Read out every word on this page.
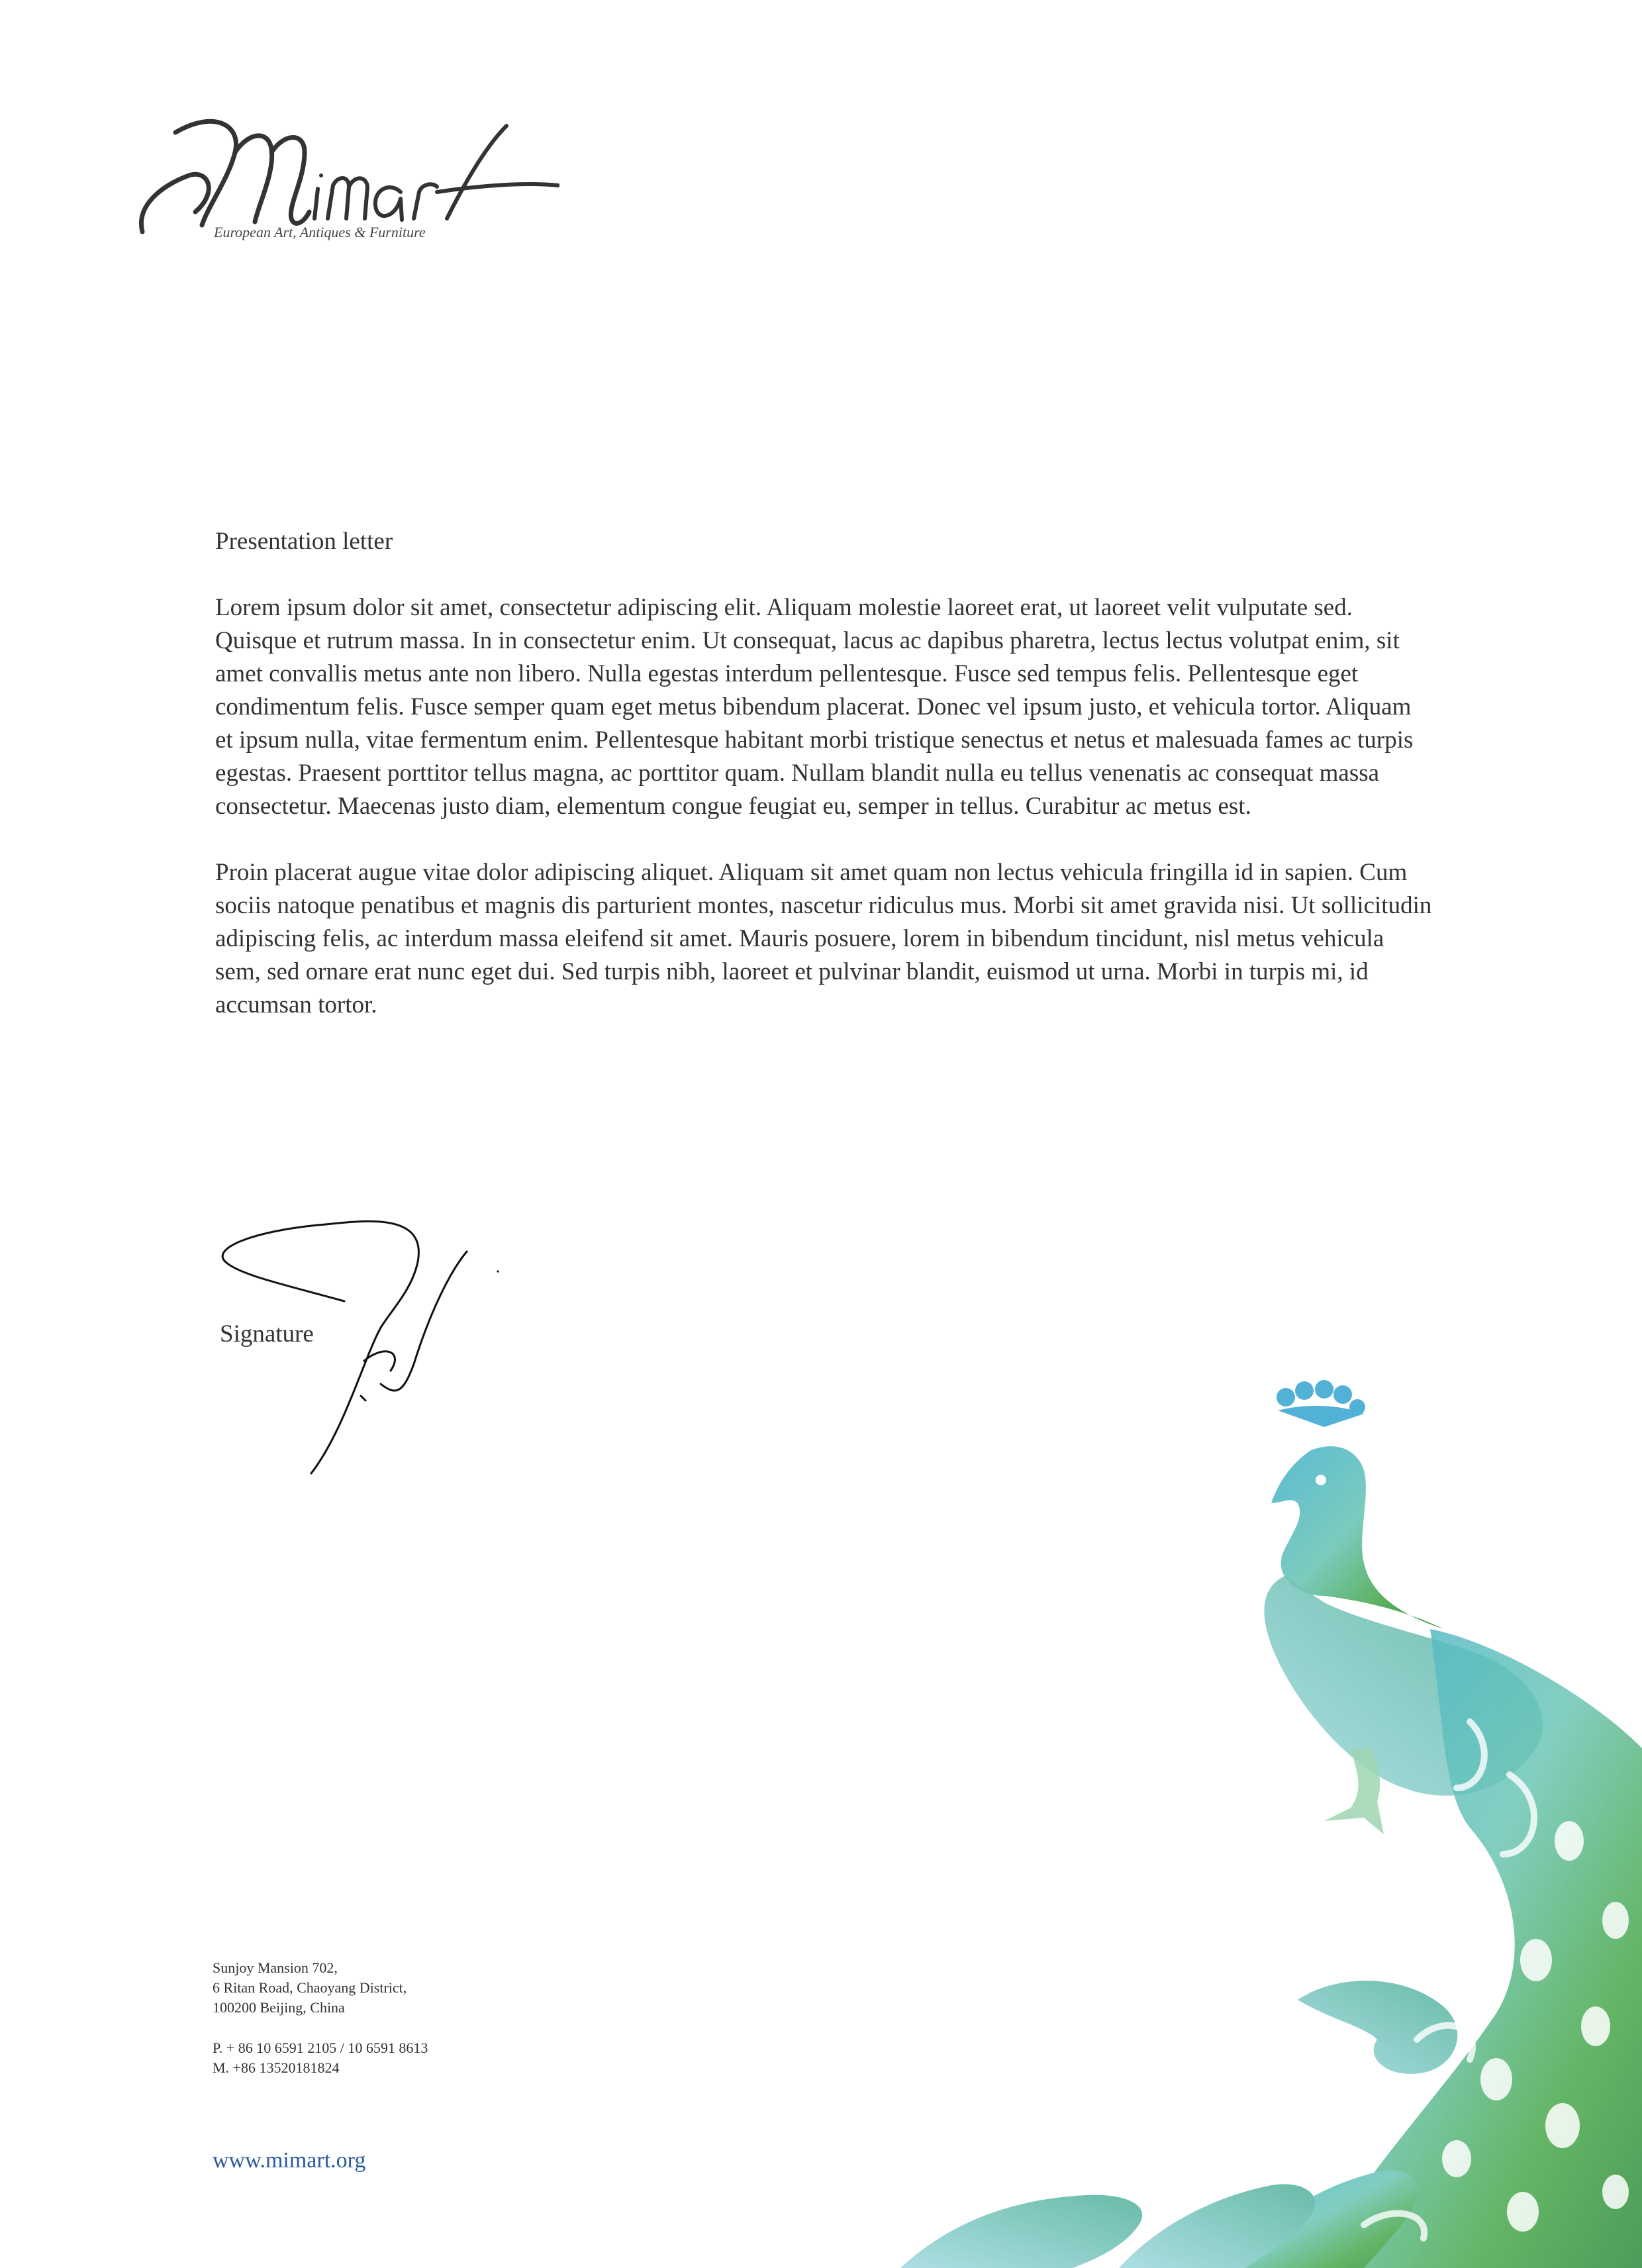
European Art, Antiques & Furniture
Presentation letter

Lorem ipsum dolor sit amet, consectetur adipiscing elit. Aliquam molestie laoreet erat, ut laoreet velit vulputate sed. Quisque et rutrum massa. In in consectetur enim. Ut consequat, lacus ac dapibus pharetra, lectus lectus volutpat enim, sit amet convallis metus ante non libero. Nulla egestas interdum pellentesque. Fusce sed tempus felis. Pellentesque eget condimentum felis. Fusce semper quam eget metus bibendum placerat. Donec vel ipsum justo, et vehicula tortor. Aliquam et ipsum nulla, vitae fermentum enim. Pellentesque habitant morbi tristique senectus et netus et malesuada fames ac turpis egestas. Praesent porttitor tellus magna, ac porttitor quam. Nullam blandit nulla eu tellus venenatis ac consequat massa consectetur. Maecenas justo diam, elementum congue feugiat eu, semper in tellus. Curabitur ac metus est.

Proin placerat augue vitae dolor adipiscing aliquet. Aliquam sit amet quam non lectus vehicula fringilla id in sapien. Cum sociis natoque penatibus et magnis dis parturient montes, nascetur ridiculus mus. Morbi sit amet gravida nisi. Ut sollicitudin adipiscing felis, ac interdum massa eleifend sit amet. Mauris posuere, lorem in bibendum tincidunt, nisl metus vehicula sem, sed ornare erat nunc eget dui. Sed turpis nibh, laoreet et pulvinar blandit, euismod ut urna. Morbi in turpis mi, id accumsan tortor.

Signature
Sunjoy Mansion 702,
6 Ritan Road, Chaoyang District,
100200 Beijing, China
P. + 86 10 6591 2105 / 10 6591 8613
M. +86 13520181824
www.mimart.org
